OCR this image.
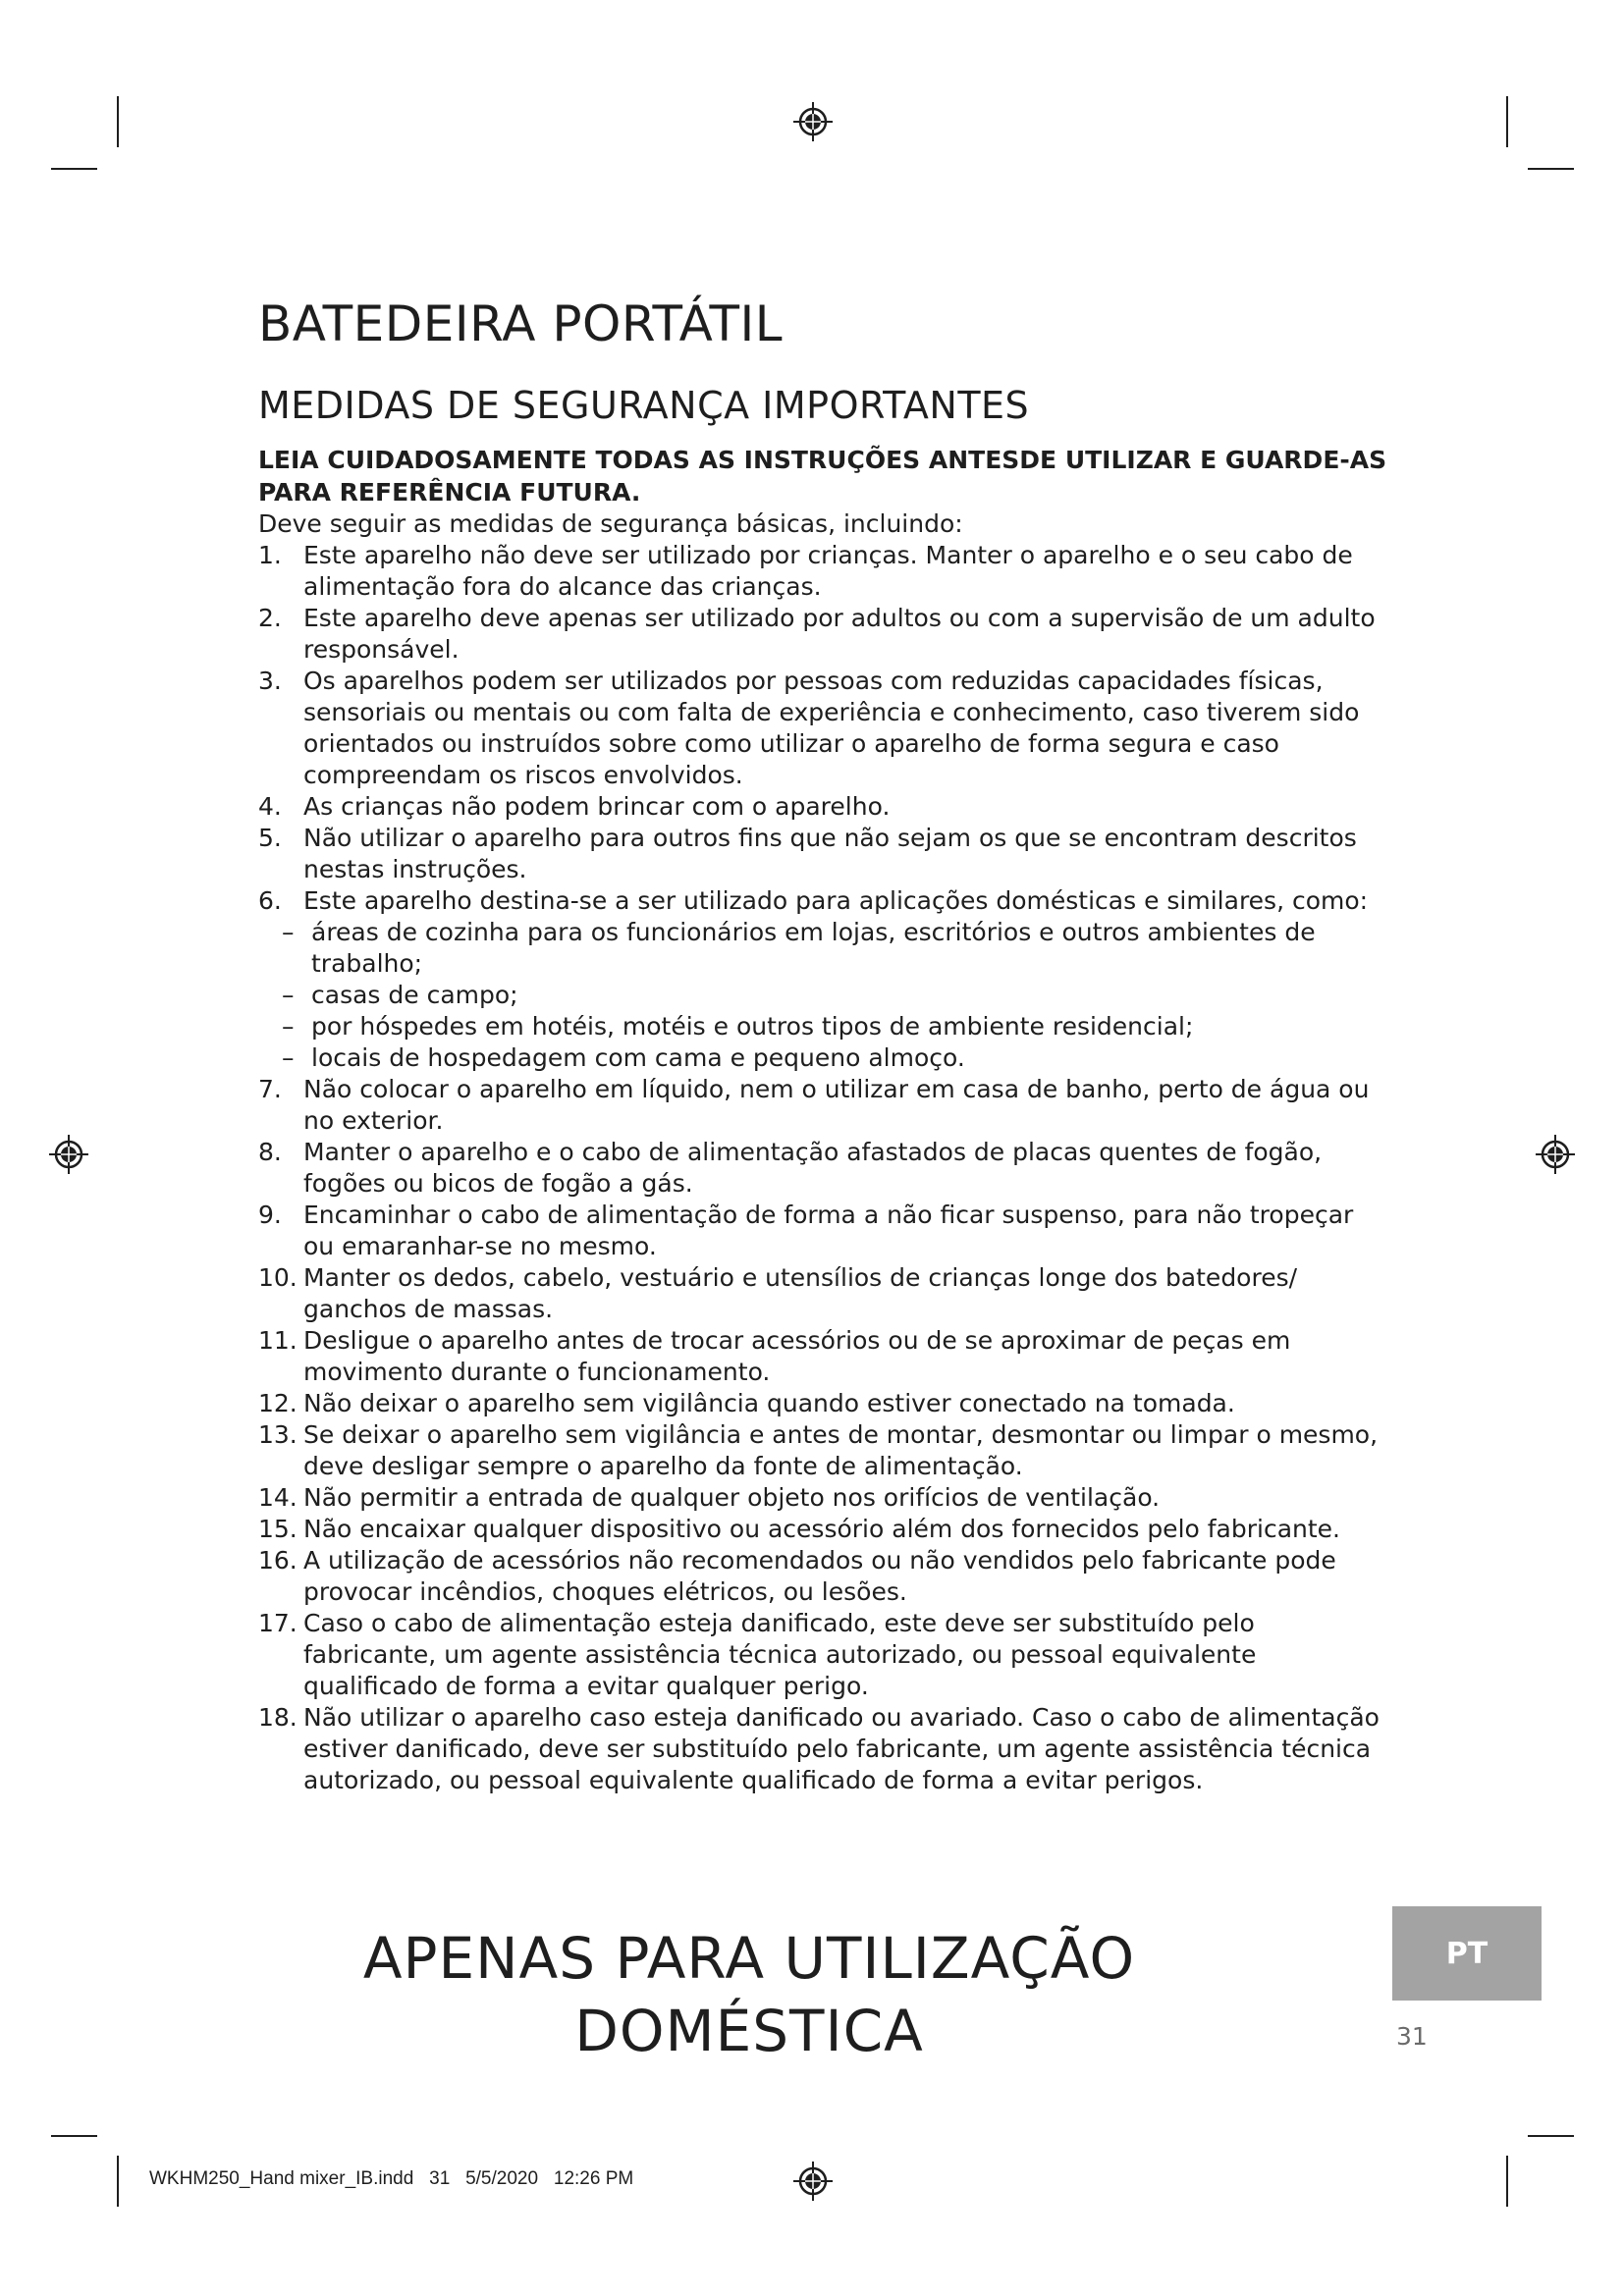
BATEDEIRA PORTÁTIL
MEDIDAS DE SEGURANÇA IMPORTANTES
LEIA CUIDADOSAMENTE TODAS AS INSTRUÇÕES ANTESDE UTILIZAR E GUARDE-AS PARA REFERÊNCIA FUTURA.
Deve seguir as medidas de segurança básicas, incluindo:
1. Este aparelho não deve ser utilizado por crianças. Manter o aparelho e o seu cabo de alimentação fora do alcance das crianças.
2. Este aparelho deve apenas ser utilizado por adultos ou com a supervisão de um adulto responsável.
3. Os aparelhos podem ser utilizados por pessoas com reduzidas capacidades físicas, sensoriais ou mentais ou com falta de experiência e conhecimento, caso tiverem sido orientados ou instruídos sobre como utilizar o aparelho de forma segura e caso compreendam os riscos envolvidos.
4. As crianças não podem brincar com o aparelho.
5. Não utilizar o aparelho para outros fins que não sejam os que se encontram descritos nestas instruções.
6. Este aparelho destina-se a ser utilizado para aplicações domésticas e similares, como:
– áreas de cozinha para os funcionários em lojas, escritórios e outros ambientes de trabalho;
– casas de campo;
– por hóspedes em hotéis, motéis e outros tipos de ambiente residencial;
– locais de hospedagem com cama e pequeno almoço.
7. Não colocar o aparelho em líquido, nem o utilizar em casa de banho, perto de água ou no exterior.
8. Manter o aparelho e o cabo de alimentação afastados de placas quentes de fogão, fogões ou bicos de fogão a gás.
9. Encaminhar o cabo de alimentação de forma a não ficar suspenso, para não tropeçar ou emaranhar-se no mesmo.
10. Manter os dedos, cabelo, vestuário e utensílios de crianças longe dos batedores/ ganchos de massas.
11. Desligue o aparelho antes de trocar acessórios ou de se aproximar de peças em movimento durante o funcionamento.
12. Não deixar o aparelho sem vigilância quando estiver conectado na tomada.
13. Se deixar o aparelho sem vigilância e antes de montar, desmontar ou limpar o mesmo, deve desligar sempre o aparelho da fonte de alimentação.
14. Não permitir a entrada de qualquer objeto nos orifícios de ventilação.
15. Não encaixar qualquer dispositivo ou acessório além dos fornecidos pelo fabricante.
16. A utilização de acessórios não recomendados ou não vendidos pelo fabricante pode provocar incêndios, choques elétricos, ou lesões.
17. Caso o cabo de alimentação esteja danificado, este deve ser substituído pelo fabricante, um agente assistência técnica autorizado, ou pessoal equivalente qualificado de forma a evitar qualquer perigo.
18. Não utilizar o aparelho caso esteja danificado ou avariado. Caso o cabo de alimentação estiver danificado, deve ser substituído pelo fabricante, um agente assistência técnica autorizado, ou pessoal equivalente qualificado de forma a evitar perigos.
APENAS PARA UTILIZAÇÃO
DOMÉSTICA
PT
31
WKHM250_Hand mixer_IB.indd   31   5/5/2020   12:26 PM
